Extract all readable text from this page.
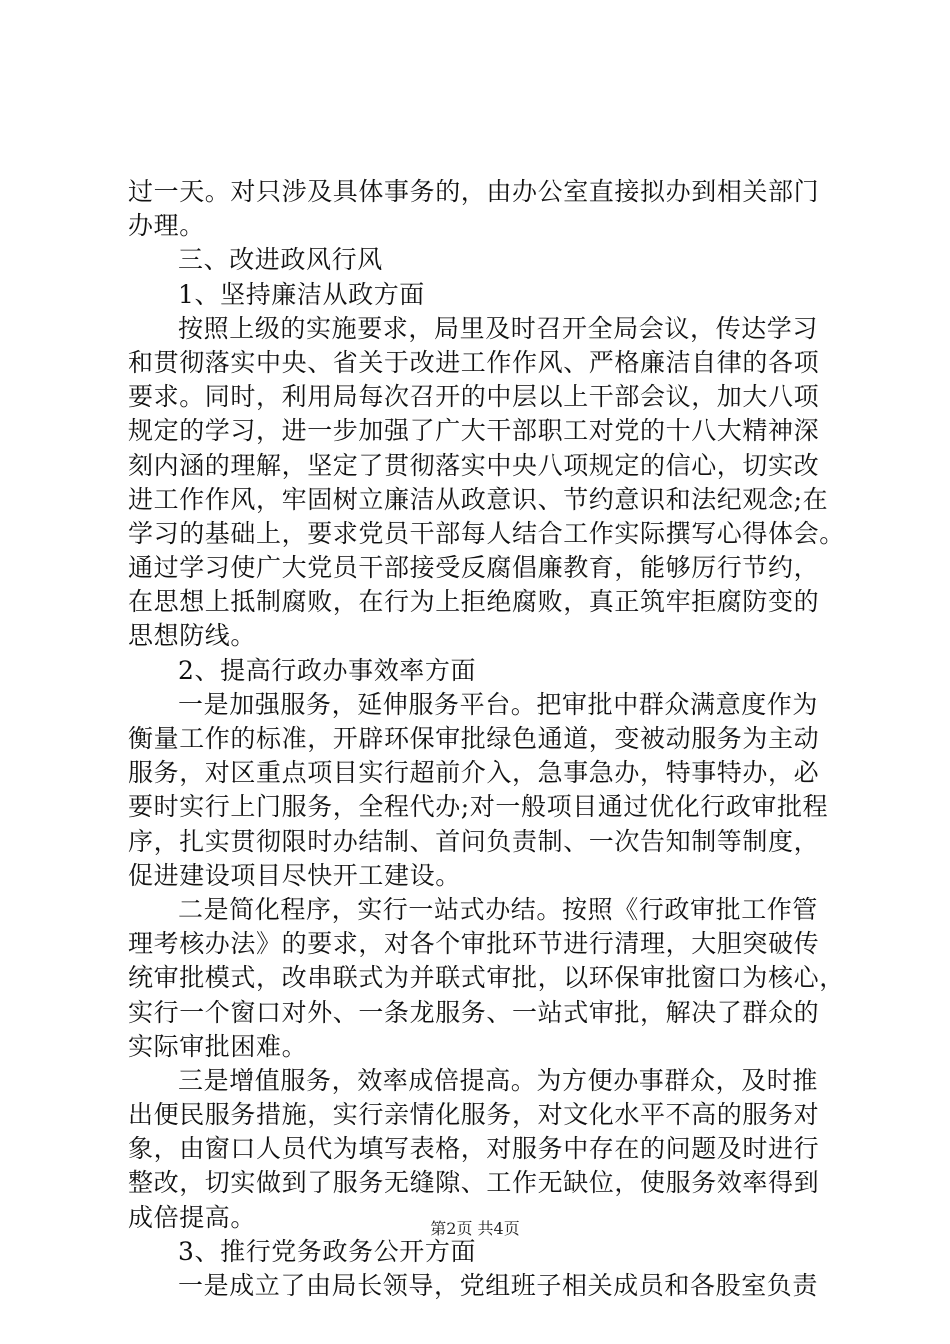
过一天。对只涉及具体事务的，由办公室直接拟办到相关部门
办理。
三、改进政风行风
1、坚持廉洁从政方面
按照上级的实施要求，局里及时召开全局会议，传达学习
和贯彻落实中央、省关于改进工作作风、严格廉洁自律的各项
要求。同时，利用局每次召开的中层以上干部会议，加大八项
规定的学习，进一步加强了广大干部职工对党的十八大精神深
刻内涵的理解，坚定了贯彻落实中央八项规定的信心，切实改
进工作作风，牢固树立廉洁从政意识、节约意识和法纪观念;在
学习的基础上，要求党员干部每人结合工作实际撰写心得体会。
通过学习使广大党员干部接受反腐倡廉教育，能够厉行节约，
在思想上抵制腐败，在行为上拒绝腐败，真正筑牢拒腐防变的
思想防线。
2、提高行政办事效率方面
一是加强服务，延伸服务平台。把审批中群众满意度作为
衡量工作的标准，开辟环保审批绿色通道，变被动服务为主动
服务，对区重点项目实行超前介入，急事急办，特事特办，必
要时实行上门服务，全程代办;对一般项目通过优化行政审批程
序，扎实贯彻限时办结制、首问负责制、一次告知制等制度，
促进建设项目尽快开工建设。
二是简化程序，实行一站式办结。按照《行政审批工作管
理考核办法》的要求，对各个审批环节进行清理，大胆突破传
统审批模式，改串联式为并联式审批，以环保审批窗口为核心，
实行一个窗口对外、一条龙服务、一站式审批，解决了群众的
实际审批困难。
三是增值服务，效率成倍提高。为方便办事群众，及时推
出便民服务措施，实行亲情化服务，对文化水平不高的服务对
象，由窗口人员代为填写表格，对服务中存在的问题及时进行
整改，切实做到了服务无缝隙、工作无缺位，使服务效率得到
成倍提高。
3、推行党务政务公开方面
一是成立了由局长领导，党组班子相关成员和各股室负责
第2页 共4页
